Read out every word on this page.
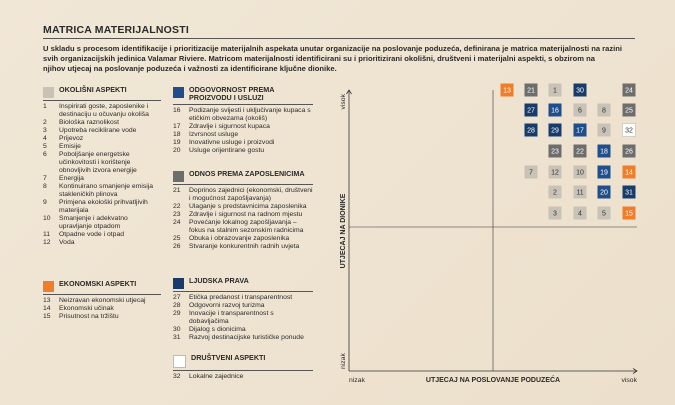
MATRICA MATERIJALNOSTI

U skladu s procesom identifikacije i prioritizacije materijalnih aspekata unutar organizacije na poslovanje poduzeća, definirana je matrica materijalnosti na razini

svih organizacijskih jedinica Valamar Riviere. Matricom materijalnosti identificirani su i prioritizirani okolišni, društveni i materijalni aspekti, s obzirom na

njihov utjecaj na poslovanje poduzeća i važnosti za identificirane ključne dionike.

OKOLIŠNI ASPEKTI
1	Inspirirati goste, zaposlenike i destinaciju u očuvanju okoliša
2	Biološka raznolikost
3	Upotreba recikliranе vode
4	Prijevoz
5	Emisije
6	Poboljšanje energetske učinkovitosti i korištenje obnovljivih izvora energije
7	Energija
8	Kontinuirano smanjenje emisija stakleničkih plinova
9	Primjena ekološki prihvatljivih materijala
10	Smanjenje i adekvatno upravljanje otpadom
11	Otpadne vode i otpad
12	Voda
EKONOMSKI ASPEKTI
13	Neizravan ekonomski utjecaj
14	Ekonomski učinak
15	Prisutnost na tržištu
ODGOVORNOST PREMA PROIZVODU I USLUZI
16	Podizanje svijesti i uključivanje kupaca s etičkim obvezama (okoliš)
17	Zdravlje i sigurnost kupaca
18	Izvrsnost usluge
19	Inovativne usluge i proizvodi
20	Usluge orijentirane gostu
ODNOS PREMA ZAPOSLENICIMA
21	Doprinos zajednici (ekonomski, društveni i mogućnost zapošljavanja)
22	Ulaganje s predstavnicima zaposlenika
23	Zdravlje i sigurnost na radnom mjestu
24	Povećanje lokalnog zapošljavanja – fokus na stalnim sezonskim radnicima
25	Obuka i obrazovanje zaposlenika
26	Stvaranje konkurentnih radnih uvjeta
LJUDSKA PRAVA
27	Etička predanost i transparentnost
28	Odgovorni razvoj turizma
29	Inovacije i transparentnost s dobavljačima
30	Dijalog s dionicima
31	Razvoj destinacijske turističke ponude
DRUŠTVENI ASPEKTI
32	Lokalne zajednice
visok
nizak
nizak	visok
UTJECAJ NA POSLOVANJE PODUZEĆA
UTJECAJ NA DIONIKE
13 21	1	30	24
27 16	6	8	25
28 29 17	9	32
23 22 18 26
7	12 10 19 14
2	11 20 31
3	4	5	15
